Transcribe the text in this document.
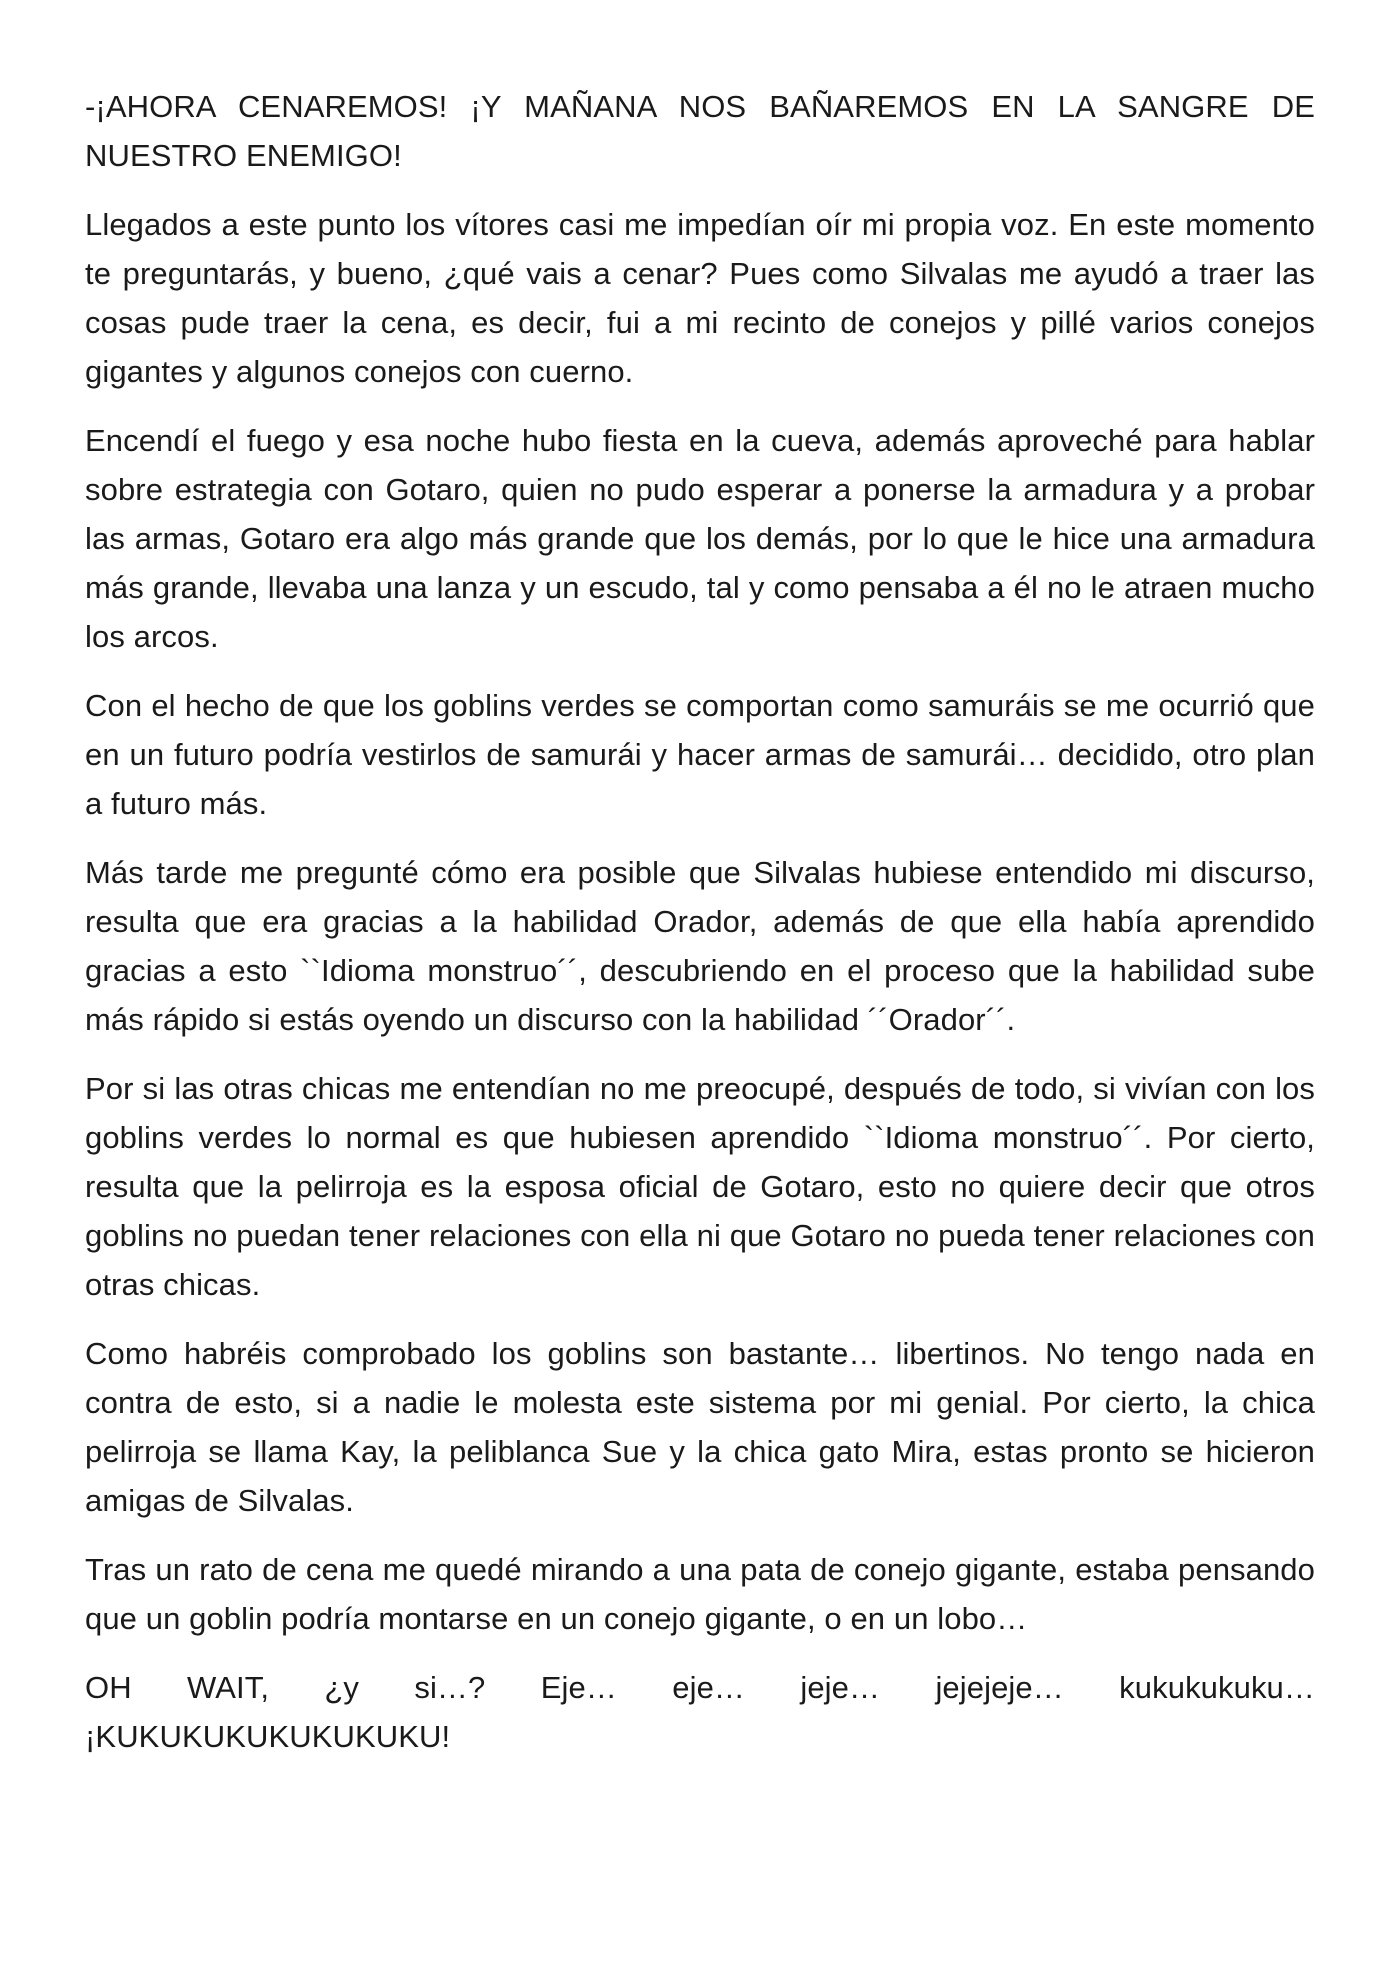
-¡AHORA CENAREMOS! ¡Y MAÑANA NOS BAÑAREMOS EN LA SANGRE DE NUESTRO ENEMIGO!

Llegados a este punto los vítores casi me impedían oír mi propia voz. En este momento te preguntarás, y bueno, ¿qué vais a cenar? Pues como Silvalas me ayudó a traer las cosas pude traer la cena, es decir, fui a mi recinto de conejos y pillé varios conejos gigantes y algunos conejos con cuerno.

Encendí el fuego y esa noche hubo fiesta en la cueva, además aproveché para hablar sobre estrategia con Gotaro, quien no pudo esperar a ponerse la armadura y a probar las armas, Gotaro era algo más grande que los demás, por lo que le hice una armadura más grande, llevaba una lanza y un escudo, tal y como pensaba a él no le atraen mucho los arcos.

Con el hecho de que los goblins verdes se comportan como samuráis se me ocurrió que en un futuro podría vestirlos de samurái y hacer armas de samurái… decidido, otro plan a futuro más.

Más tarde me pregunté cómo era posible que Silvalas hubiese entendido mi discurso, resulta que era gracias a la habilidad Orador, además de que ella había aprendido gracias a esto ``Idioma monstruo´´, descubriendo en el proceso que la habilidad sube más rápido si estás oyendo un discurso con la habilidad ´´Orador´´.

Por si las otras chicas me entendían no me preocupé, después de todo, si vivían con los goblins verdes lo normal es que hubiesen aprendido ``Idioma monstruo´´. Por cierto, resulta que la pelirroja es la esposa oficial de Gotaro, esto no quiere decir que otros goblins no puedan tener relaciones con ella ni que Gotaro no pueda tener relaciones con otras chicas.

Como habréis comprobado los goblins son bastante… libertinos. No tengo nada en contra de esto, si a nadie le molesta este sistema por mi genial. Por cierto, la chica pelirroja se llama Kay, la peliblanca Sue y la chica gato Mira, estas pronto se hicieron amigas de Silvalas.

Tras un rato de cena me quedé mirando a una pata de conejo gigante, estaba pensando que un goblin podría montarse en un conejo gigante, o en un lobo…

OH WAIT, ¿y si…? Eje… eje… jeje… jejejeje… kukukukuku…
¡KUKUKUKUKUKUKUKU!
